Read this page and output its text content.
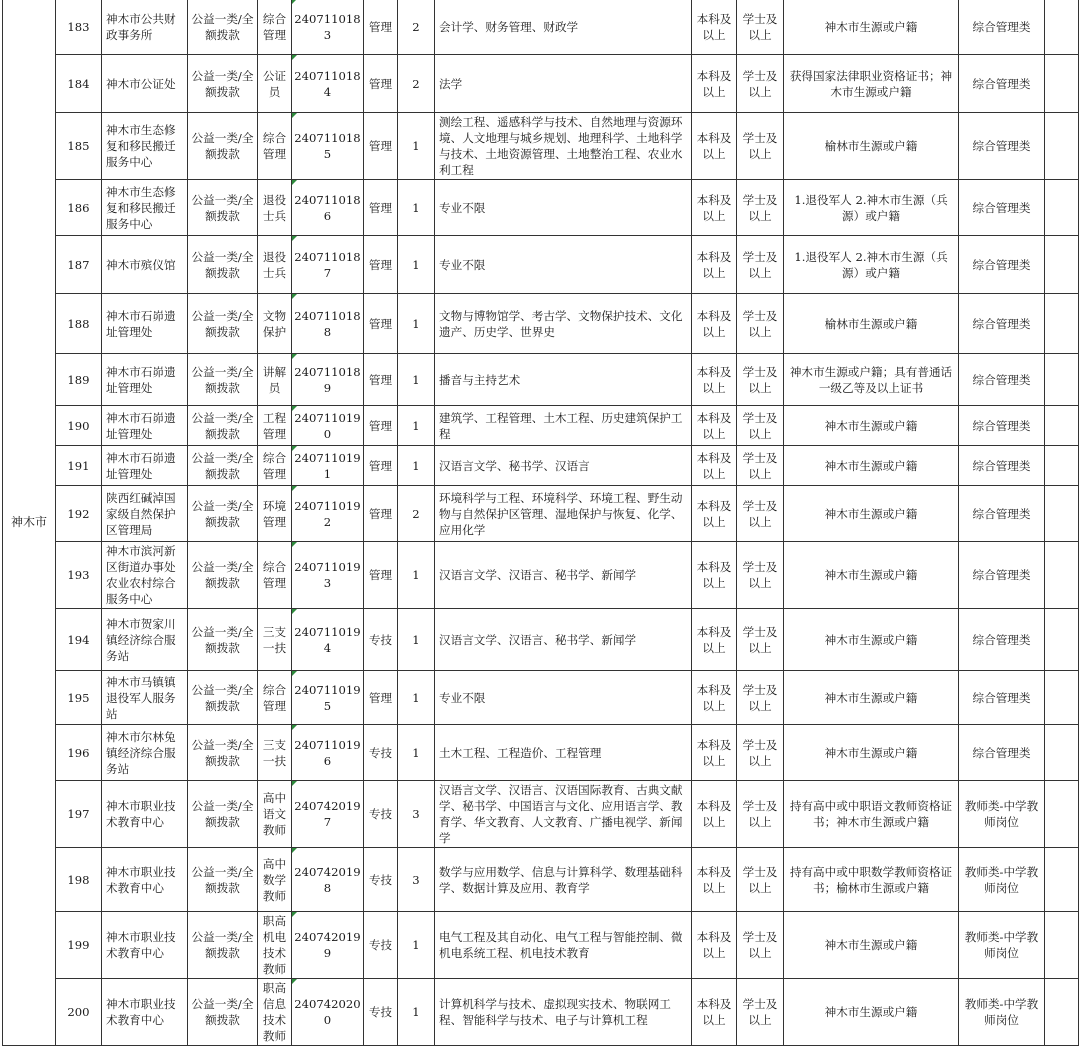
神木市	183	神木市公共财政事务所	公益一类/全额拨款	综合管理	2407110183	管理	2	会计学、财务管理、财政学	本科及以上	学士及以上	神木市生源或户籍	综合管理类	
	184	神木市公证处	公益一类/全额拨款	公证员	2407110184	管理	2	法学	本科及以上	学士及以上	获得国家法律职业资格证书；神木市生源或户籍	综合管理类	
	185	神木市生态修复和移民搬迁服务中心	公益一类/全额拨款	综合管理	2407110185	管理	1	测绘工程、遥感科学与技术、自然地理与资源环境、人文地理与城乡规划、地理科学、土地科学与技术、土地资源管理、土地整治工程、农业水利工程	本科及以上	学士及以上	榆林市生源或户籍	综合管理类	
	186	神木市生态修复和移民搬迁服务中心	公益一类/全额拨款	退役士兵	2407110186	管理	1	专业不限	本科及以上	学士及以上	1.退役军人 2.神木市生源（兵源）或户籍	综合管理类	
	187	神木市殡仪馆	公益一类/全额拨款	退役士兵	2407110187	管理	1	专业不限	本科及以上	学士及以上	1.退役军人 2.神木市生源（兵源）或户籍	综合管理类	
	188	神木市石峁遗址管理处	公益一类/全额拨款	文物保护	2407110188	管理	1	文物与博物馆学、考古学、文物保护技术、文化遗产、历史学、世界史	本科及以上	学士及以上	榆林市生源或户籍	综合管理类	
	189	神木市石峁遗址管理处	公益一类/全额拨款	讲解员	2407110189	管理	1	播音与主持艺术	本科及以上	学士及以上	神木市生源或户籍；具有普通话一级乙等及以上证书	综合管理类	
	190	神木市石峁遗址管理处	公益一类/全额拨款	工程管理	2407110190	管理	1	建筑学、工程管理、土木工程、历史建筑保护工程	本科及以上	学士及以上	神木市生源或户籍	综合管理类	
	191	神木市石峁遗址管理处	公益一类/全额拨款	综合管理	2407110191	管理	1	汉语言文学、秘书学、汉语言	本科及以上	学士及以上	神木市生源或户籍	综合管理类	
	192	陕西红碱淖国家级自然保护区管理局	公益一类/全额拨款	环境管理	2407110192	管理	2	环境科学与工程、环境科学、环境工程、野生动物与自然保护区管理、湿地保护与恢复、化学、应用化学	本科及以上	学士及以上	神木市生源或户籍	综合管理类	
	193	神木市滨河新区街道办事处农业农村综合服务中心	公益一类/全额拨款	综合管理	2407110193	管理	1	汉语言文学、汉语言、秘书学、新闻学	本科及以上	学士及以上	神木市生源或户籍	综合管理类	
	194	神木市贺家川镇经济综合服务站	公益一类/全额拨款	三支一扶	2407110194	专技	1	汉语言文学、汉语言、秘书学、新闻学	本科及以上	学士及以上	神木市生源或户籍	综合管理类	
	195	神木市马镇镇退役军人服务站	公益一类/全额拨款	综合管理	2407110195	管理	1	专业不限	本科及以上	学士及以上	神木市生源或户籍	综合管理类	
	196	神木市尔林兔镇经济综合服务站	公益一类/全额拨款	三支一扶	2407110196	专技	1	土木工程、工程造价、工程管理	本科及以上	学士及以上	神木市生源或户籍	综合管理类	
	197	神木市职业技术教育中心	公益一类/全额拨款	高中语文教师	2407420197	专技	3	汉语言文学、汉语言、汉语国际教育、古典文献学、秘书学、中国语言与文化、应用语言学、教育学、华文教育、人文教育、广播电视学、新闻学	本科及以上	学士及以上	持有高中或中职语文教师资格证书；神木市生源或户籍	教师类-中学教师岗位	
	198	神木市职业技术教育中心	公益一类/全额拨款	高中数学教师	2407420198	专技	3	数学与应用数学、信息与计算科学、数理基础科学、数据计算及应用、教育学	本科及以上	学士及以上	持有高中或中职数学教师资格证书；榆林市生源或户籍	教师类-中学教师岗位	
	199	神木市职业技术教育中心	公益一类/全额拨款	职高机电技术教师	2407420199	专技	1	电气工程及其自动化、电气工程与智能控制、微机电系统工程、机电技术教育	本科及以上	学士及以上	神木市生源或户籍	教师类-中学教师岗位	
	200	神木市职业技术教育中心	公益一类/全额拨款	职高信息技术教师	2407420200	专技	1	计算机科学与技术、虚拟现实技术、物联网工程、智能科学与技术、电子与计算机工程	本科及以上	学士及以上	神木市生源或户籍	教师类-中学教师岗位	
